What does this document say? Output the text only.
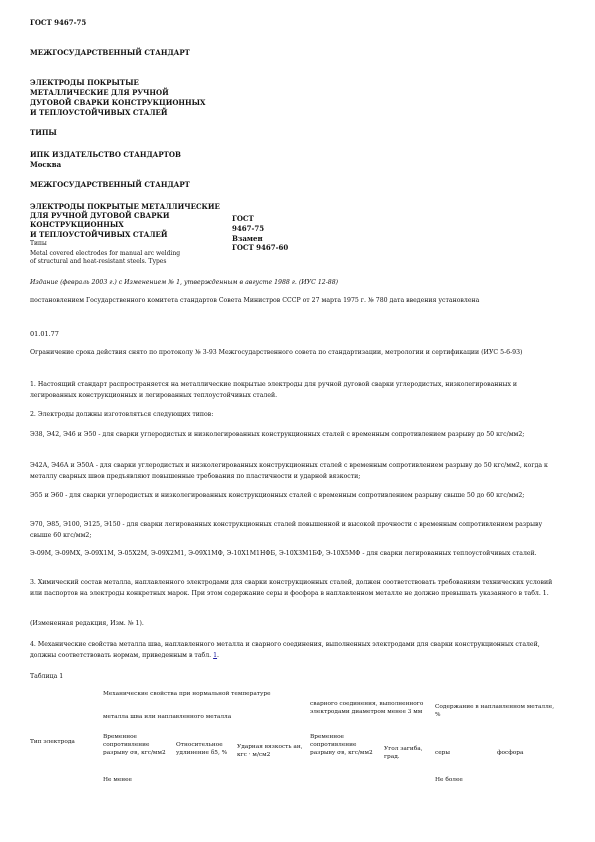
ГОСТ 9467-75
МЕЖГОСУДАРСТВЕННЫЙ СТАНДАРТ
ЭЛЕКТРОДЫ ПОКРЫТЫЕ
МЕТАЛЛИЧЕСКИЕ ДЛЯ РУЧНОЙ
ДУГОВОЙ СВАРКИ КОНСТРУКЦИОННЫХ
И ТЕПЛОУСТОЙЧИВЫХ СТАЛЕЙ
ТИПЫ
ИПК ИЗДАТЕЛЬСТВО СТАНДАРТОВ
Москва
МЕЖГОСУДАРСТВЕННЫЙ СТАНДАРТ
ЭЛЕКТРОДЫ ПОКРЫТЫЕ МЕТАЛЛИЧЕСКИЕ
ДЛЯ РУЧНОЙ ДУГОВОЙ СВАРКИ
КОНСТРУКЦИОННЫХ
И ТЕПЛОУСТОЙЧИВЫХ СТАЛЕЙ
Типы
Metal covered electrodes for manual arc welding
of structural and heat-resistant steels. Types
ГОСТ
9467-75
Взамен
ГОСТ 9467-60
Издание (февраль 2003 г.) с Изменением № 1, утвержденным в августе 1988 г. (ИУС 12-88)
постановлением Государственного комитета стандартов Совета Министров СССР от 27 марта 1975 г. № 780 дата введения установлена
01.01.77
Ограничение срока действия снято по протоколу № 3-93 Межгосударственного совета по стандартизации, метрологии и сертификации (ИУС 5-6-93)
1. Настоящий стандарт распространяется на металлические покрытые электроды для ручной дуговой сварки углеродистых, низколегированных и легированных конструкционных и легированных теплоустойчивых сталей.
2. Электроды должны изготовляться следующих типов:
Э38, Э42, Э46 и Э50 - для сварки углеродистых и низколегированных конструкционных сталей с временным сопротивлением разрыву до 50 кгс/мм2;
Э42А, Э46А и Э50А - для сварки углеродистых и низколегированных конструкционных сталей с временным сопротивлением разрыву до 50 кгс/мм2, когда к металлу сварных швов предъявляют повышенные требования по пластичности и ударной вязкости;
Э55 и Э60 - для сварки углеродистых и низколегированных конструкционных сталей с временным сопротивлением разрыву свыше 50 до 60 кгс/мм2;
Э70, Э85, Э100, Э125, Э150 - для сварки легированных конструкционных сталей повышенной и высокой прочности с временным сопротивлением разрыву свыше 60 кгс/мм2;
Э-09М, Э-09МХ, Э-09Х1М, Э-05Х2М, Э-09Х2М1, Э-09Х1МФ, Э-10Х1М1НФБ, Э-10Х3М1БФ, Э-10Х5МФ - для сварки легированных теплоустойчивых сталей.
3. Химический состав металла, наплавленного электродами для сварки конструкционных сталей, должен соответствовать требованиям технических условий или паспортов на электроды конкретных марок. При этом содержание серы и фосфора в наплавленном металле не должно превышать указанного в табл. 1.
(Измененная редакция, Изм. № 1).
4. Механические свойства металла шва, наплавленного металла и сварного соединения, выполненных электродами для сварки конструкционных сталей, должны соответствовать нормам, приведенным в табл. 1.
Таблица 1
Механические свойства при нормальной температуре
металла шва или наплавленного металла
сварного соединения, выполненного электродами диаметром менее 3 мм
Содержание в наплавленном металле, %
Тип электрода
Временное сопротивление разрыву σв, кгс/мм2
Относительное удлинение δ5, %
Ударная вязкость ан, кгс · м/см2
Временное сопротивление разрыву σв, кгс/мм2
Угол загиба, град.
серы	фосфора
Не менее	Не более
